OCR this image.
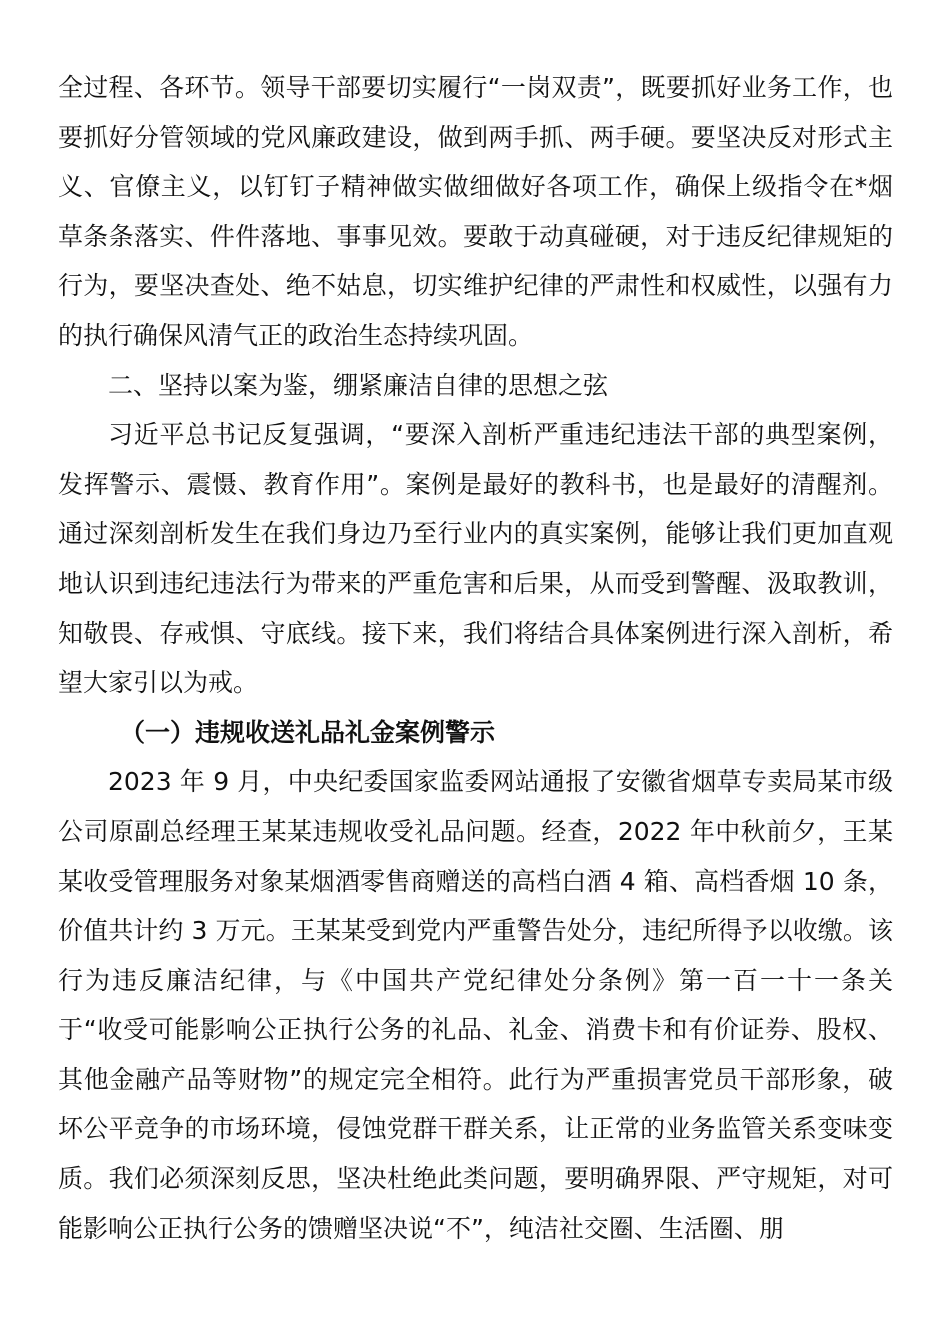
全过程、各环节。领导干部要切实履行“一岗双责”，既要抓好业务工作，也要抓好分管领域的党风廉政建设，做到两手抓、两手硬。要坚决反对形式主义、官僚主义，以钉钉子精神做实做细做好各项工作，确保上级指令在*烟草条条落实、件件落地、事事见效。要敢于动真碰硬，对于违反纪律规矩的行为，要坚决查处、绝不姑息，切实维护纪律的严肃性和权威性，以强有力的执行确保风清气正的政治生态持续巩固。

二、坚持以案为鉴，绷紧廉洁自律的思想之弦

习近平总书记反复强调，“要深入剖析严重违纪违法干部的典型案例，发挥警示、震慑、教育作用”。案例是最好的教科书，也是最好的清醒剂。通过深刻剖析发生在我们身边乃至行业内的真实案例，能够让我们更加直观地认识到违纪违法行为带来的严重危害和后果，从而受到警醒、汲取教训，知敬畏、存戒惧、守底线。接下来，我们将结合具体案例进行深入剖析，希望大家引以为戒。

（一）违规收送礼品礼金案例警示

2023 年 9 月，中央纪委国家监委网站通报了安徽省烟草专卖局某市级公司原副总经理王某某违规收受礼品问题。经查，2022 年中秋前夕，王某某收受管理服务对象某烟酒零售商赠送的高档白酒 4 箱、高档香烟 10 条，价值共计约 3 万元。王某某受到党内严重警告处分，违纪所得予以收缴。该行为违反廉洁纪律，与《中国共产党纪律处分条例》第一百一十一条关于“收受可能影响公正执行公务的礼品、礼金、消费卡和有价证券、股权、其他金融产品等财物”的规定完全相符。此行为严重损害党员干部形象，破坏公平竞争的市场环境，侵蚀党群干群关系，让正常的业务监管关系变味变质。我们必须深刻反思，坚决杜绝此类问题，要明确界限、严守规矩，对可能影响公正执行公务的馈赠坚决说“不”，纯洁社交圈、生活圈、朋
